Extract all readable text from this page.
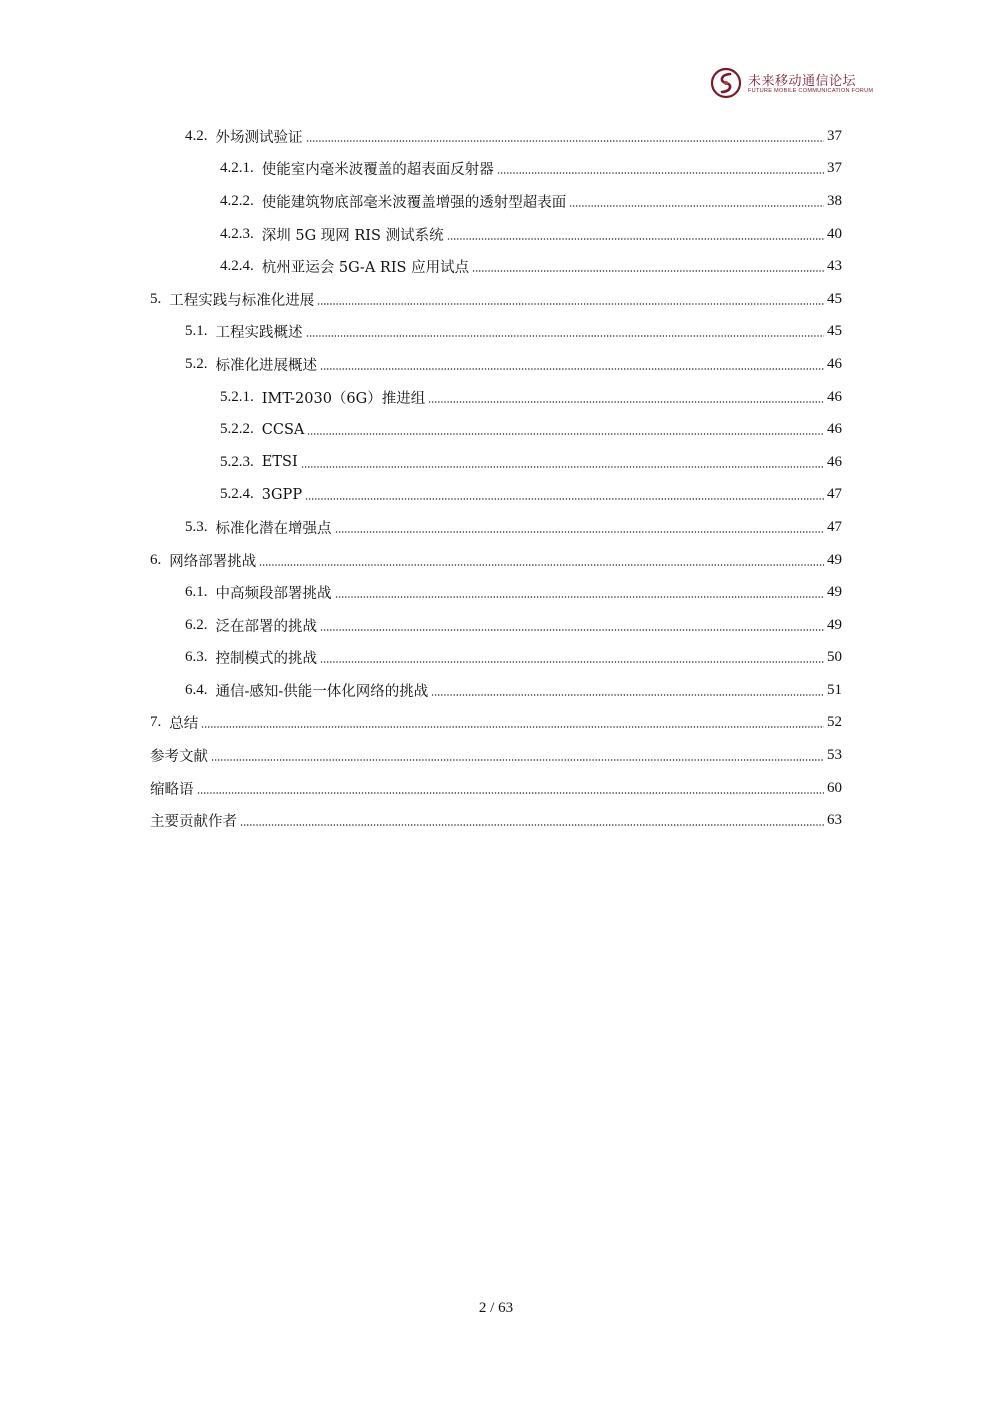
未来移动通信论坛
FUTURE MOBILE COMMUNICATION FORUM
4.2. 外场测试验证	37
4.2.1. 使能室内毫米波覆盖的超表面反射器	37
4.2.2. 使能建筑物底部毫米波覆盖增强的透射型超表面	38
4.2.3. 深圳 5G 现网 RIS 测试系统	40
4.2.4. 杭州亚运会 5G-A RIS 应用试点	43
5. 工程实践与标准化进展	45
5.1. 工程实践概述	45
5.2. 标准化进展概述	46
5.2.1. IMT-2030（6G）推进组	46
5.2.2. CCSA	46
5.2.3. ETSI	46
5.2.4. 3GPP	47
5.3. 标准化潜在增强点	47
6. 网络部署挑战	49
6.1. 中高频段部署挑战	49
6.2. 泛在部署的挑战	49
6.3. 控制模式的挑战	50
6.4. 通信-感知-供能一体化网络的挑战	51
7. 总结	52
参考文献	53
缩略语	60
主要贡献作者	63
2 / 63
